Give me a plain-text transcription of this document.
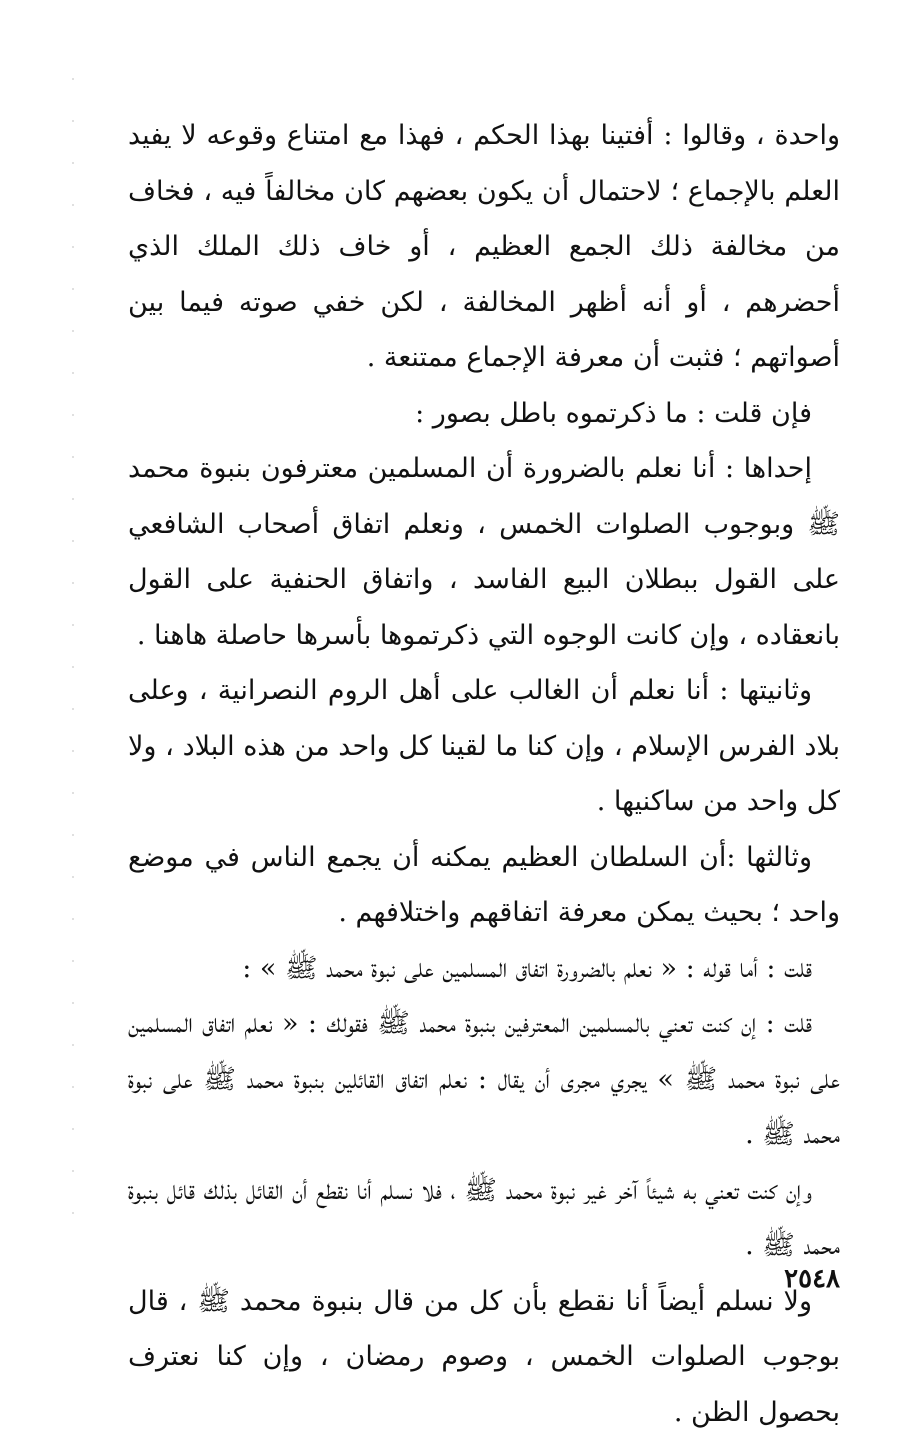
واحدة ، وقالوا : أفتينا بهذا الحكم ، فهذا مع امتناع وقوعه لا يفيد العلم بالإجماع ؛ لاحتمال أن يكون بعضهم كان مخالفاً فيه ، فخاف من مخالفة ذلك الجمع العظيم ، أو خاف ذلك الملك الذي أحضرهم ، أو أنه أظهر المخالفة ، لكن خفي صوته فيما بين أصواتهم ؛ فثبت أن معرفة الإجماع ممتنعة .

فإن قلت : ما ذكرتموه باطل بصور :

إحداها : أنا نعلم بالضرورة أن المسلمين معترفون بنبوة محمد ﷺ وبوجوب الصلوات الخمس ، ونعلم اتفاق أصحاب الشافعي على القول ببطلان البيع الفاسد ، واتفاق الحنفية على القول بانعقاده ، وإن كانت الوجوه التي ذكرتموها بأسرها حاصلة هاهنا .

وثانيتها : أنا نعلم أن الغالب على أهل الروم النصرانية ، وعلى بلاد الفرس الإسلام ، وإن كنا ما لقينا كل واحد من هذه البلاد ، ولا كل واحد من ساكنيها .

وثالثها :أن السلطان العظيم يمكنه أن يجمع الناس في موضع واحد ؛ بحيث يمكن معرفة اتفاقهم واختلافهم .

قلت : أما قوله : « نعلم بالضرورة اتفاق المسلمين على نبوة محمد ﷺ » :

قلت : إن كنت تعني بالمسلمين المعترفين بنبوة محمد ﷺ فقولك : « نعلم اتفاق المسلمين على نبوة محمد ﷺ » يجري مجرى أن يقال : نعلم اتفاق القائلين بنبوة محمد ﷺ على نبوة محمد ﷺ .

وإن كنت تعني به شيئاً آخر غير نبوة محمد ﷺ ، فلا نسلم أنا نقطع أن القائل بذلك قائل بنبوة محمد ﷺ .

ولا نسلم أيضاً أنا نقطع بأن كل من قال بنبوة محمد ﷺ ، قال بوجوب الصلوات الخمس ، وصوم رمضان ، وإن كنا نعترف بحصول الظن .

٢٥٤٨
